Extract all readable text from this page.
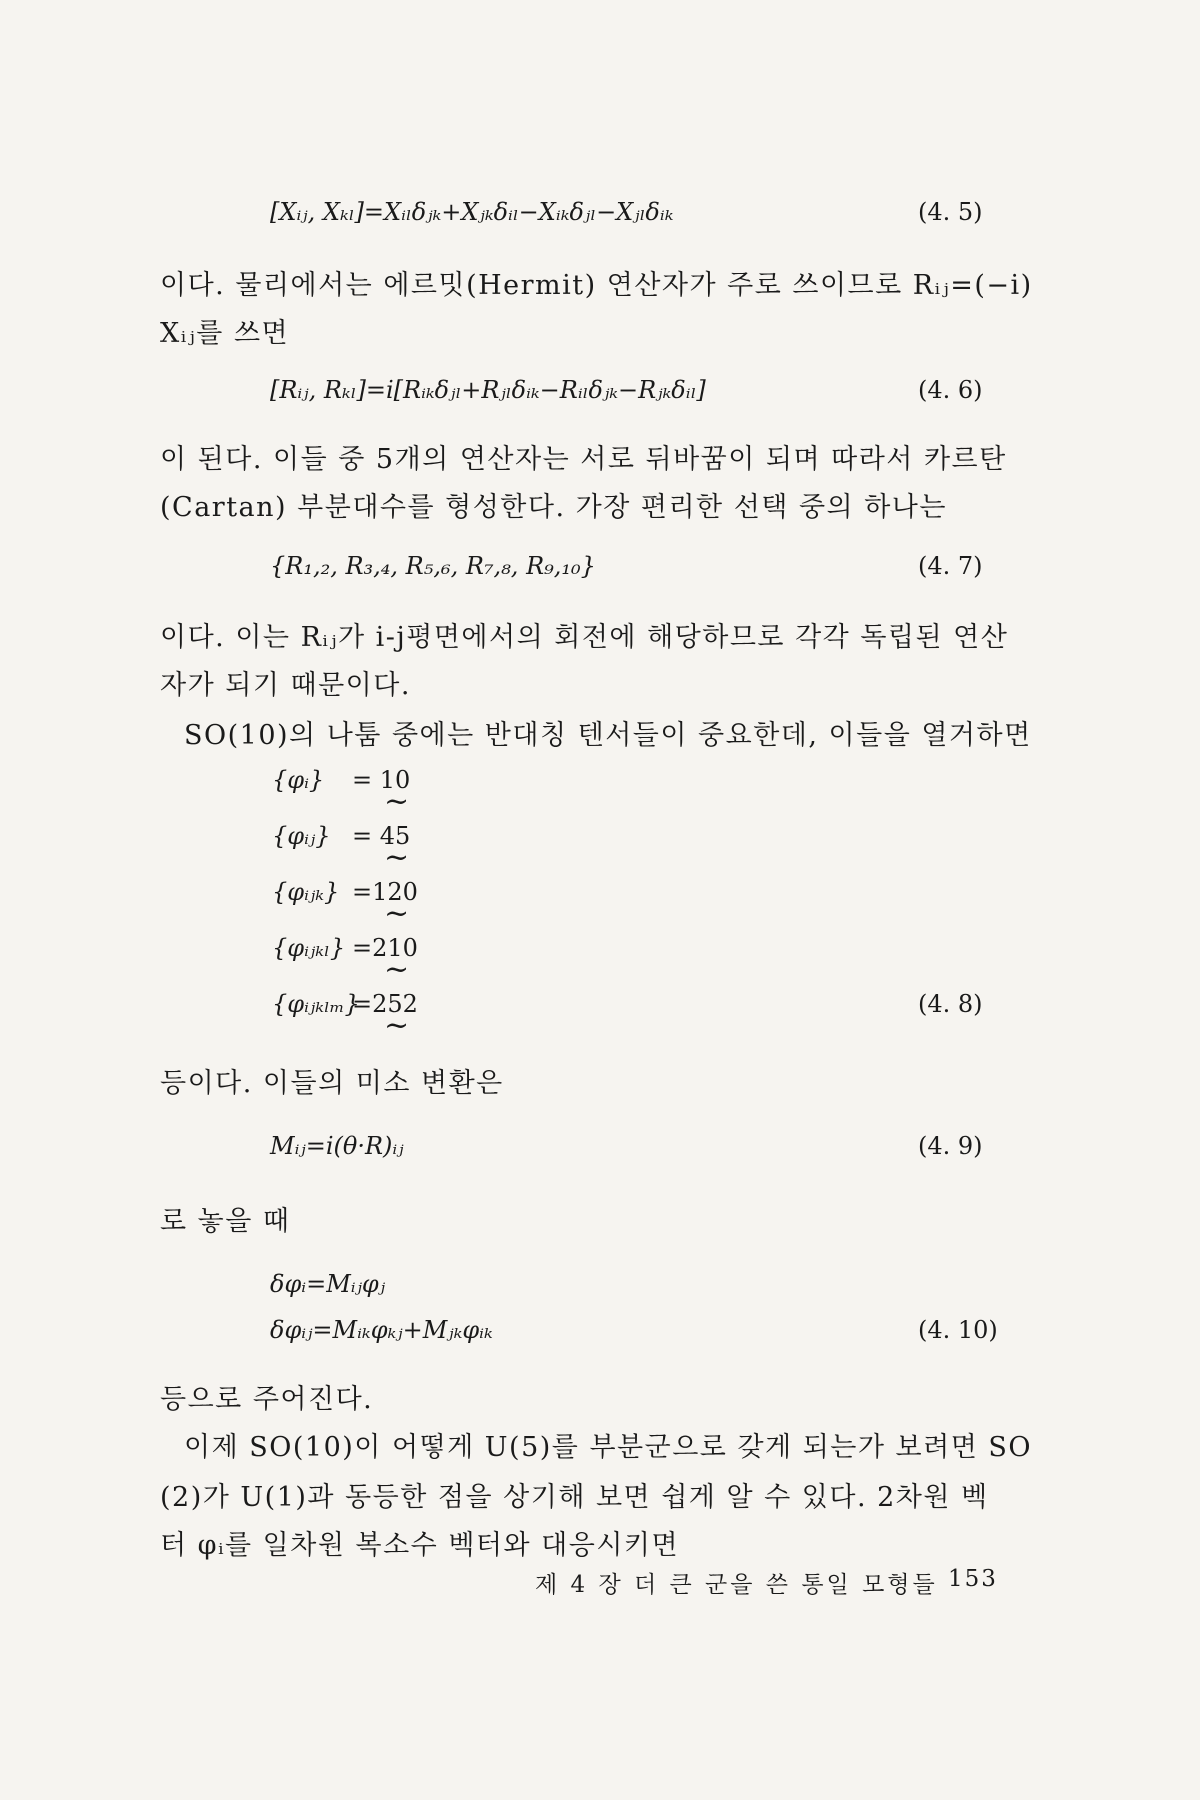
[Xᵢⱼ, Xₖₗ]=Xᵢₗδⱼₖ+Xⱼₖδᵢₗ−Xᵢₖδⱼₗ−Xⱼₗδᵢₖ	(4. 5)
이다. 물리에서는 에르밋(Hermit) 연산자가 주로 쓰이므로 Rᵢⱼ=(−i)
Xᵢⱼ를 쓰면
[Rᵢⱼ, Rₖₗ]=i[Rᵢₖδⱼₗ+Rⱼₗδᵢₖ−Rᵢₗδⱼₖ−Rⱼₖδᵢₗ]	(4. 6)
이 된다. 이들 중 5개의 연산자는 서로 뒤바꿈이 되며 따라서 카르탄
(Cartan) 부분대수를 형성한다. 가장 편리한 선택 중의 하나는
{R₁,₂, R₃,₄, R₅,₆, R₇,₈, R₉,₁₀}	(4. 7)
이다. 이는 Rᵢⱼ가 i-j평면에서의 회전에 해당하므로 각각 독립된 연산
자가 되기 때문이다.
SO(10)의 나툼 중에는 반대칭 텐서들이 중요한데, 이들을 열거하면
{φᵢ} = 10
~
{φᵢⱼ} = 45
~
{φᵢⱼₖ} =120
~
{φᵢⱼₖₗ} =210
~
{φᵢⱼₖₗₘ}
=252
~
(4. 8)
등이다. 이들의 미소 변환은
Mᵢⱼ=i(θ·R)ᵢⱼ	(4. 9)
로 놓을 때
δφᵢ=Mᵢⱼφⱼ
δφᵢⱼ=Mᵢₖφₖⱼ+Mⱼₖφᵢₖ	(4. 10)
등으로 주어진다.
이제 SO(10)이 어떻게 U(5)를 부분군으로 갖게 되는가 보려면 SO
(2)가 U(1)과 동등한 점을 상기해 보면 쉽게 알 수 있다. 2차원 벡
터 φᵢ를 일차원 복소수 벡터와 대응시키면
제 4 장 더 큰 군을 쓴 통일 모형들 153
